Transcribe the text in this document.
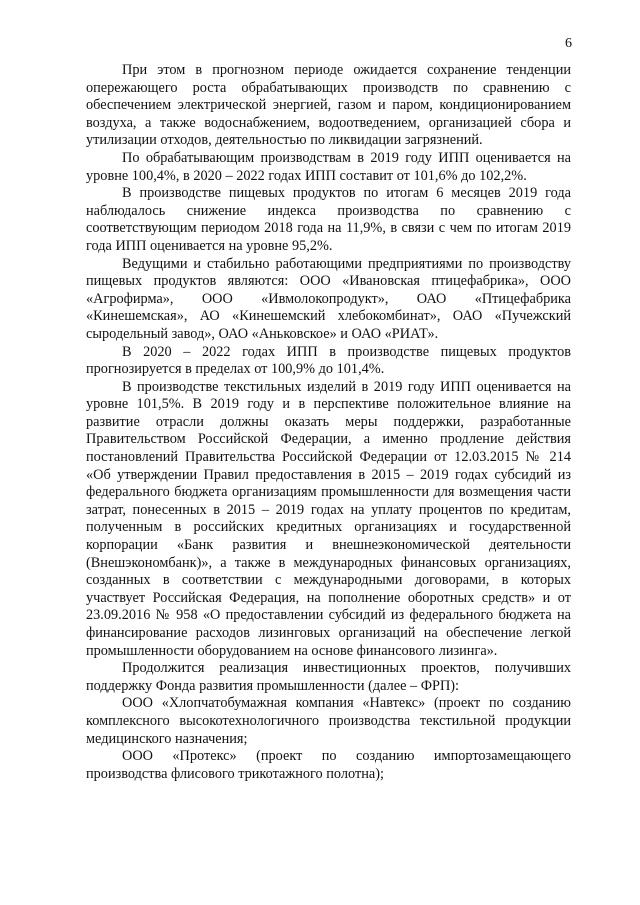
6

При этом в прогнозном периоде ожидается сохранение тенденции опережающего роста обрабатывающих производств по сравнению с обеспечением электрической энергией, газом и паром, кондиционированием воздуха, а также водоснабжением, водоотведением, организацией сбора и утилизации отходов, деятельностью по ликвидации загрязнений.

По обрабатывающим производствам в 2019 году ИПП оценивается на уровне 100,4%, в 2020 – 2022 годах ИПП составит от 101,6% до 102,2%.

В производстве пищевых продуктов по итогам 6 месяцев 2019 года наблюдалось снижение индекса производства по сравнению с соответствующим периодом 2018 года на 11,9%, в связи с чем по итогам 2019 года ИПП оценивается на уровне 95,2%.

Ведущими и стабильно работающими предприятиями по производству пищевых продуктов являются: ООО «Ивановская птицефабрика», ООО «Агрофирма», ООО «Ивмолокопродукт», ОАО «Птицефабрика «Кинешемская», АО «Кинешемский хлебокомбинат», ОАО «Пучежский сыродельный завод», ОАО «Аньковское» и ОАО «РИАТ».

В 2020 – 2022 годах ИПП в производстве пищевых продуктов прогнозируется в пределах от 100,9% до 101,4%.

В производстве текстильных изделий в 2019 году ИПП оценивается на уровне 101,5%. В 2019 году и в перспективе положительное влияние на развитие отрасли должны оказать меры поддержки, разработанные Правительством Российской Федерации, а именно продление действия постановлений Правительства Российской Федерации от 12.03.2015 № 214 «Об утверждении Правил предоставления в 2015 – 2019 годах субсидий из федерального бюджета организациям промышленности для возмещения части затрат, понесенных в 2015 – 2019 годах на уплату процентов по кредитам, полученным в российских кредитных организациях и государственной корпорации «Банк развития и внешнеэкономической деятельности (Внешэкономбанк)», а также в международных финансовых организациях, созданных в соответствии с международными договорами, в которых участвует Российская Федерация, на пополнение оборотных средств» и от 23.09.2016 № 958 «О предоставлении субсидий из федерального бюджета на финансирование расходов лизинговых организаций на обеспечение легкой промышленности оборудованием на основе финансового лизинга».

Продолжится реализация инвестиционных проектов, получивших поддержку Фонда развития промышленности (далее – ФРП):

ООО «Хлопчатобумажная компания «Навтекс» (проект по созданию комплексного высокотехнологичного производства текстильной продукции медицинского назначения;

ООО «Протекс» (проект по созданию импортозамещающего производства флисового трикотажного полотна);
